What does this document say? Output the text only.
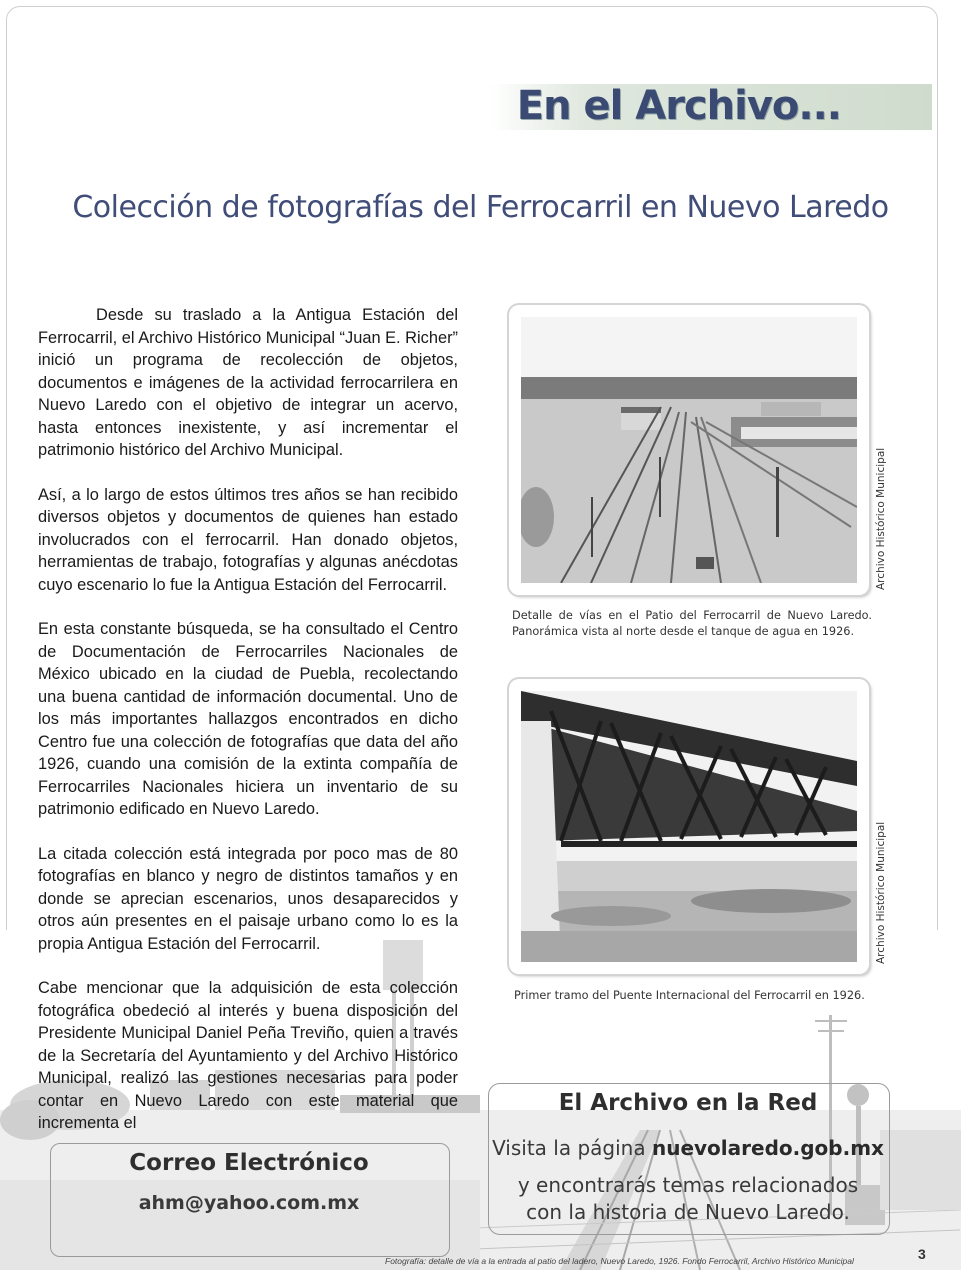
En el Archivo...
Colección de fotografías del Ferrocarril en Nuevo Laredo

Desde su traslado a la Antigua Estación del Ferrocarril, el Archivo Histórico Municipal “Juan E. Richer” inició un programa de recolección de objetos, documentos e imágenes de la actividad ferrocarrilera en Nuevo Laredo con el objetivo de integrar un acervo, hasta entonces inexistente, y así incrementar el patrimonio histórico del Archivo Municipal.

Así, a lo largo de estos últimos tres años se han recibido diversos objetos y documentos de quienes han estado involucrados con el ferrocarril. Han donado objetos, herramientas de trabajo, fotografías y algunas anécdotas cuyo escenario lo fue la Antigua Estación del Ferrocarril.

En esta constante búsqueda, se ha consultado el Centro de Documentación de Ferrocarriles Nacionales de México ubicado en la ciudad de Puebla, recolectando una buena cantidad de información documental. Uno de los más importantes hallazgos encontrados en dicho Centro fue una colección de fotografías que data del año 1926, cuando una comisión de la extinta compañía de Ferrocarriles Nacionales hiciera un inventario de su patrimonio edificado en Nuevo Laredo.

La citada colección está integrada por poco mas de 80 fotografías en blanco y negro de distintos tamaños y en donde se aprecian escenarios, unos desaparecidos y otros aún presentes en el paisaje urbano como lo es la propia Antigua Estación del Ferrocarril.

Cabe mencionar que la adquisición de esta colección fotográfica obedeció al interés y buena disposición del Presidente Municipal Daniel Peña Treviño, quien a través de la Secretaría del Ayuntamiento y del Archivo Histórico Municipal, realizó las gestiones necesarias para poder contar en Nuevo Laredo con este material que incrementa el

Archivo Histórico Municipal
Detalle de vías en el Patio del Ferrocarril de Nuevo Laredo. Panorámica vista al norte desde el tanque de agua en 1926.
Archivo Histórico Municipal
Primer tramo del Puente Internacional del Ferrocarril en 1926.
Correo Electrónico
ahm@yahoo.com.mx
El Archivo en la Red
Visita la página nuevolaredo.gob.mx
y encontrarás temas relacionados
con la historia de Nuevo Laredo.
Fotografía: detalle de vía a la entrada al patio del ladero, Nuevo Laredo, 1926. Fondo Ferrocarril, Archivo Histórico Municipal	3
